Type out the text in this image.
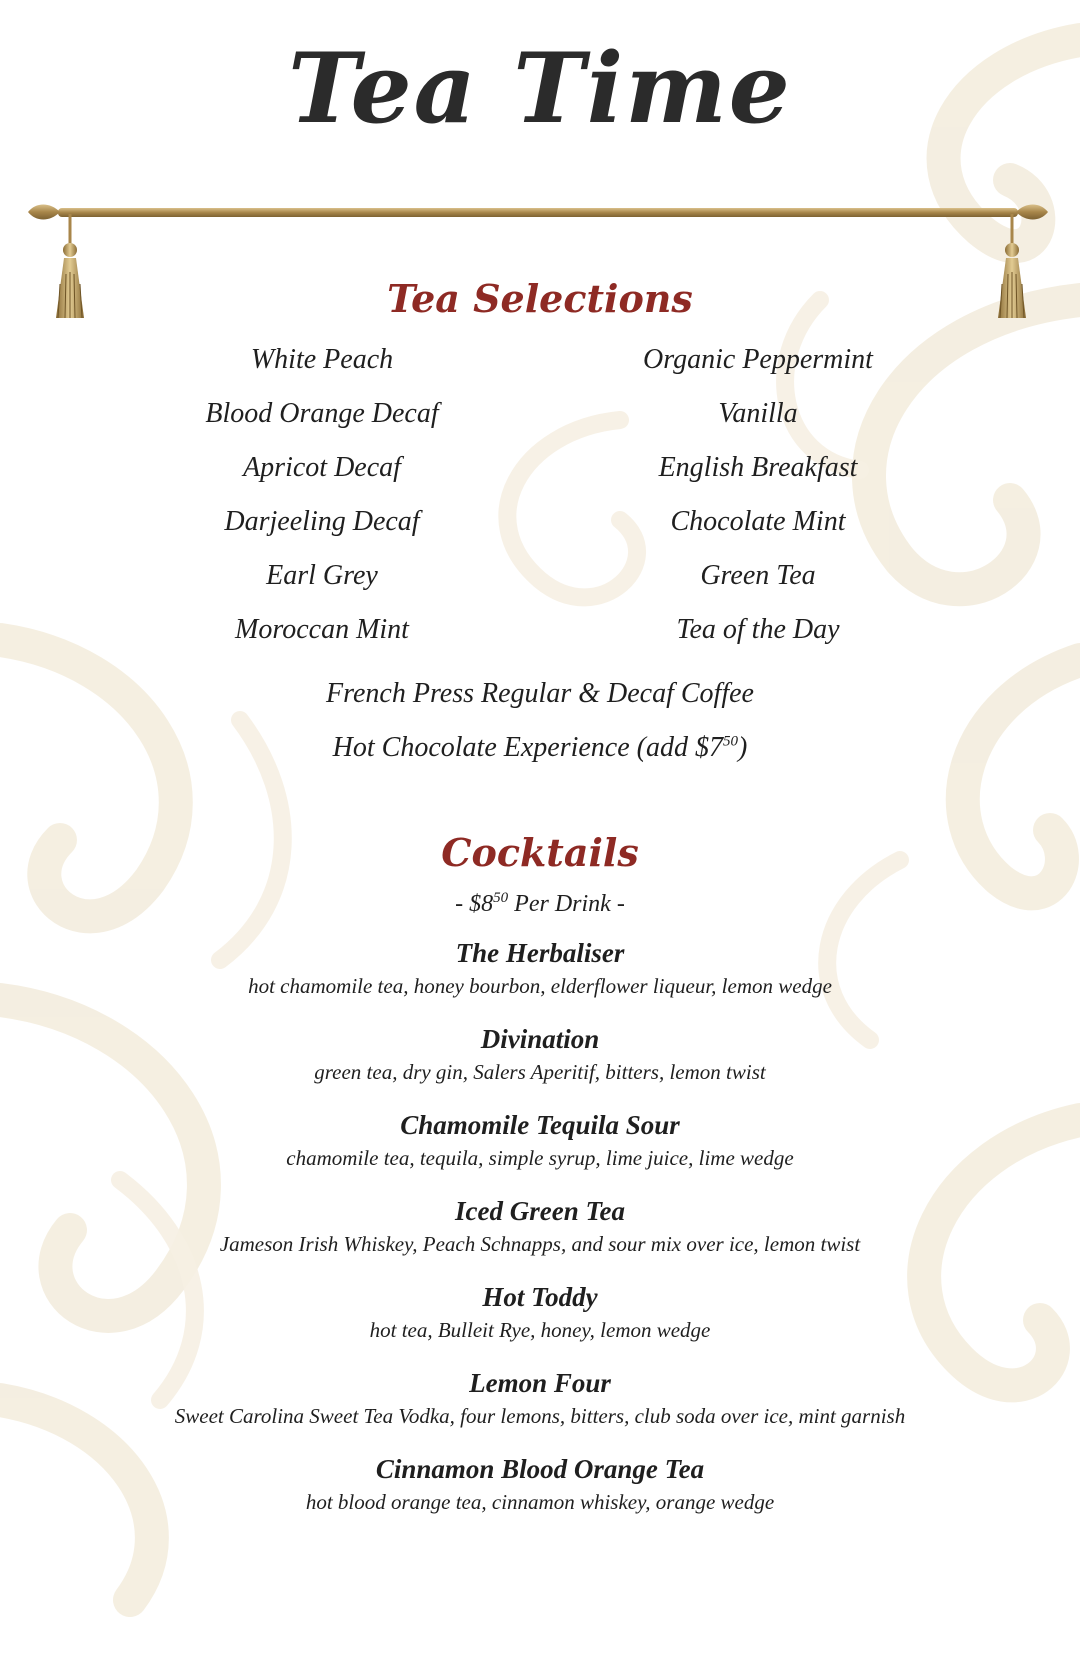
Tea Time
Tea Selections
White Peach
Blood Orange Decaf
Apricot Decaf
Darjeeling Decaf
Earl Grey
Moroccan Mint
Organic Peppermint
Vanilla
English Breakfast
Chocolate Mint
Green Tea
Tea of the Day
French Press Regular & Decaf Coffee
Hot Chocolate Experience (add $\$7^{50}$)
Cocktails
- $\$8^{50}$ Per Drink -
The Herbaliser
hot chamomile tea, honey bourbon, elderflower liqueur, lemon wedge
Divination
green tea, dry gin, Salers Aperitif, bitters, lemon twist
Chamomile Tequila Sour
chamomile tea, tequila, simple syrup, lime juice, lime wedge
Iced Green Tea
Jameson Irish Whiskey, Peach Schnapps, and sour mix over ice, lemon twist
Hot Toddy
hot tea, Bulleit Rye, honey, lemon wedge
Lemon Four
Sweet Carolina Sweet Tea Vodka, four lemons, bitters, club soda over ice, mint garnish
Cinnamon Blood Orange Tea
hot blood orange tea, cinnamon whiskey, orange wedge
